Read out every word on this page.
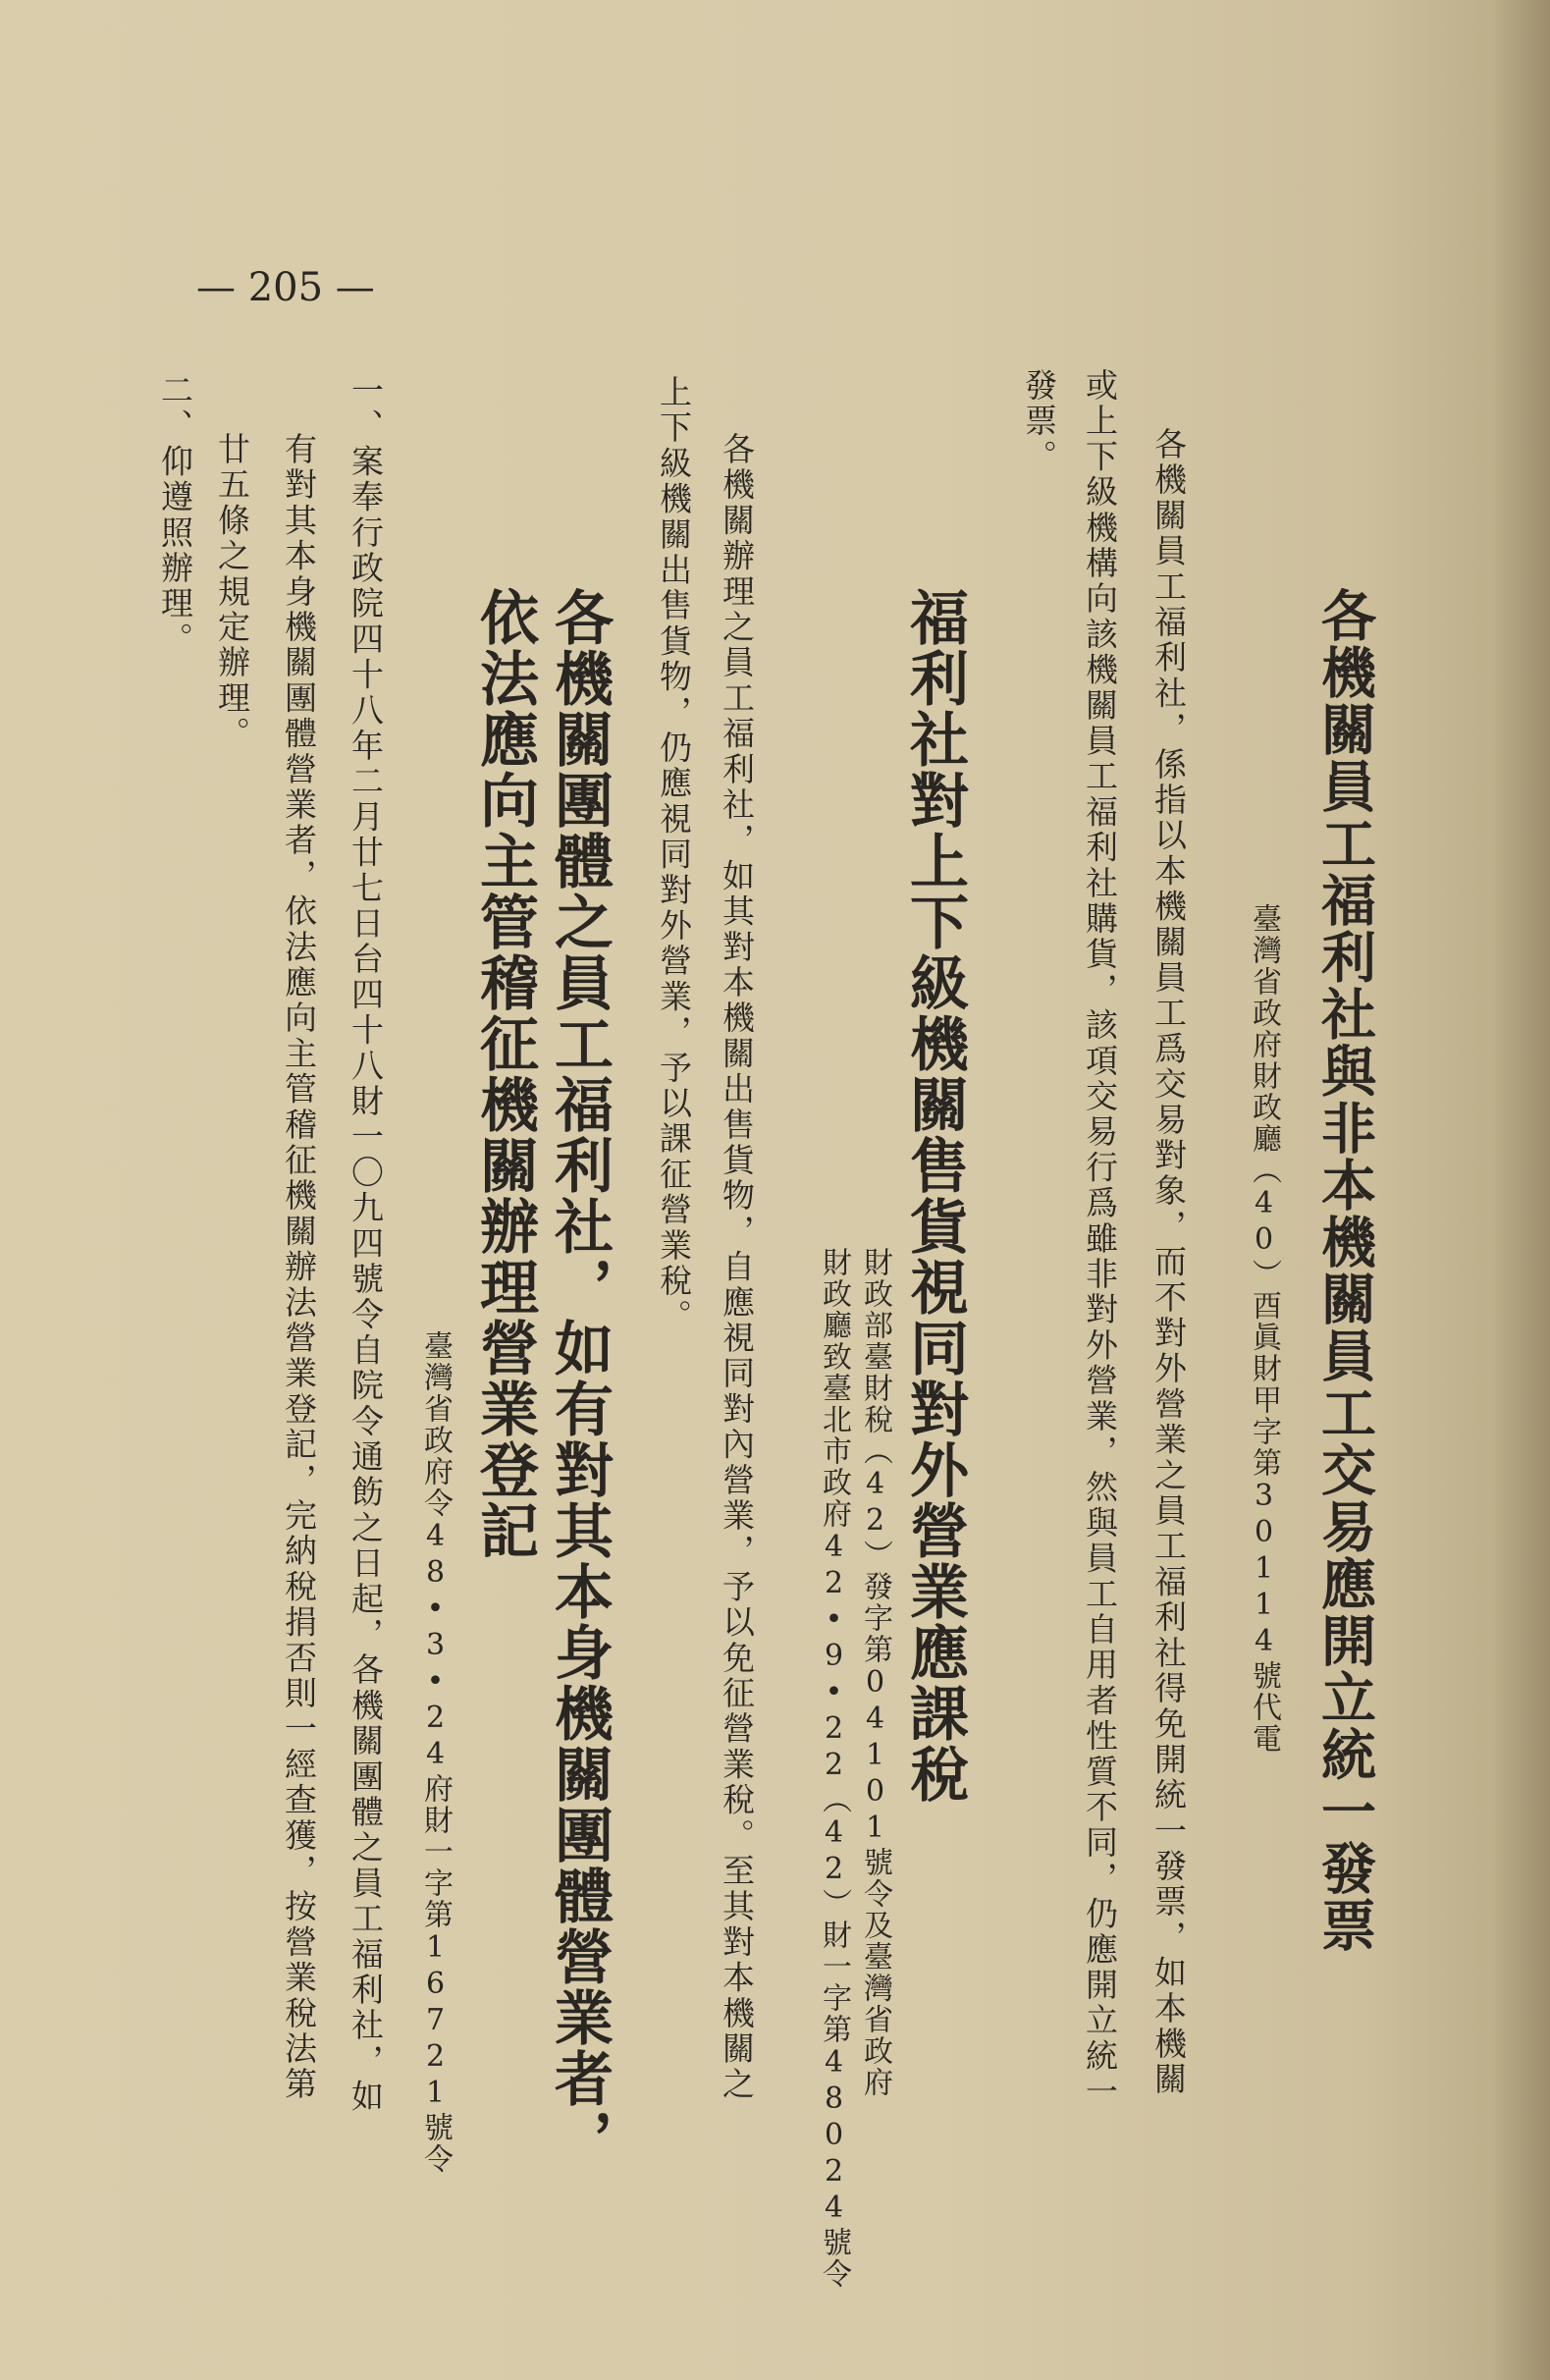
各機關員工福利社與非本機關員工交易應開立統一發票
臺灣省政府財政廳（40）酉眞財甲字第30114號代電
各機關員工福利社，係指以本機關員工爲交易對象，而不對外營業之員工福利社得免開統一發票，如本機關
或上下級機構向該機關員工福利社購貨，該項交易行爲雖非對外營業，然與員工自用者性質不同，仍應開立統一
發票。
福利社對上下級機關售貨視同對外營業應課稅
財政部臺財稅（42）發字第04101號令及臺灣省政府
財政廳致臺北市政府42•9•22（42）財一字第48024號令
各機關辦理之員工福利社，如其對本機關出售貨物，自應視同對內營業，予以免征營業稅。至其對本機關之
上下級機關出售貨物，仍應視同對外營業，予以課征營業稅。
各機關團體之員工福利社，如有對其本身機關團體營業者，
依法應向主管稽征機關辦理營業登記
臺灣省政府令48•3•24府財一字第16721號令
一、案奉行政院四十八年二月廿七日台四十八財一〇九四號令自院令通飭之日起，各機關團體之員工福利社，如
有對其本身機關團體營業者，依法應向主管稽征機關辦法營業登記，完納稅捐否則一經查獲，按營業稅法第
廿五條之規定辦理。
二、仰遵照辦理。
— 205 —
